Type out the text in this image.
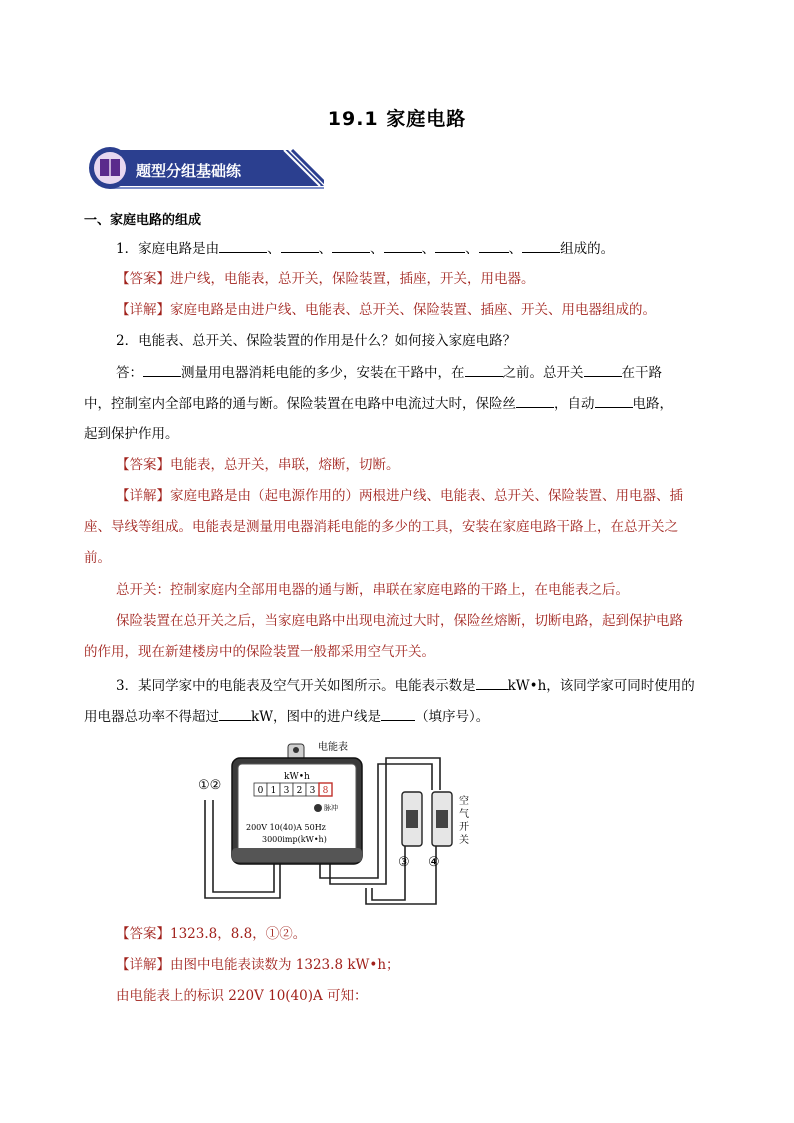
19.1 家庭电路
题型分组基础练
一、家庭电路的组成
1．家庭电路是由	、	、	、	、 、 、	组成的。
【答案】进户线，电能表，总开关，保险装置，插座，开关，用电器。
【详解】家庭电路是由进户线、电能表、总开关、保险装置、插座、开关、用电器组成的。
2．电能表、总开关、保险装置的作用是什么？如何接入家庭电路？
答：	测量用电器消耗电能的多少，安装在干路中，在	之前。总开关	在干路
中，控制室内全部电路的通与断。保险装置在电路中电流过大时，保险丝	，自动	电路，
起到保护作用。
【答案】电能表，总开关，串联，熔断，切断。
【详解】家庭电路是由（起电源作用的）两根进户线、电能表、总开关、保险装置、用电器、插
座、导线等组成。电能表是测量用电器消耗电能的多少的工具，安装在家庭电路干路上，在总开关之
前。
总开关：控制家庭内全部用电器的通与断，串联在家庭电路的干路上，在电能表之后。
保险装置在总开关之后，当家庭电路中出现电流过大时，保险丝熔断，切断电路，起到保护电路
的作用，现在新建楼房中的保险装置一般都采用空气开关。
3．某同学家中的电能表及空气开关如图所示。电能表示数是 kW•h，该同学家可同时使用的
用电器总功率不得超过 kW，图中的进户线是	（填序号）。
电能表
kW•h
0 1 3 2 3 8
脉冲
200V 10(40)A 50Hz
3000imp(kW•h)
①②
③ ④
空
气
开
关
【答案】1323.8，8.8，①②。
【详解】由图中电能表读数为 1323.8 kW•h；
由电能表上的标识 220V 10(40)A 可知：
